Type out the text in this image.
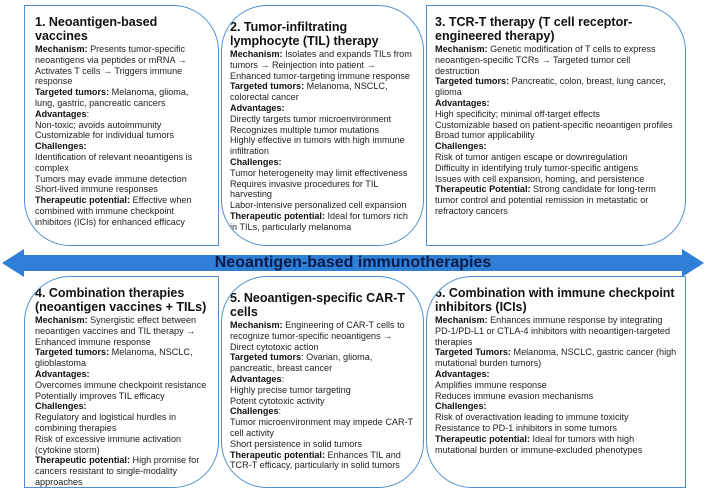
Neoantigen-based immunotherapies
1. Neoantigen-based vaccines
Mechanism: Presents tumor-specific neoantigens via peptides or mRNA → Activates T cells → Triggers immune response
Targeted tumors: Melanoma, glioma, lung, gastric, pancreatic cancers
Advantages:
Non-toxic; avoids autoimmunity
Customizable for individual tumors
Challenges:
Identification of relevant neoantigens is complex
Tumors may evade immune detection
Short-lived immune responses
Therapeutic potential: Effective when combined with immune checkpoint inhibitors (ICIs) for enhanced efficacy
2. Tumor-infiltrating lymphocyte (TIL) therapy
Mechanism: Isolates and expands TILs from tumors → Reinjection into patient → Enhanced tumor-targeting immune response
Targeted tumors: Melanoma, NSCLC, colorectal cancer
Advantages:
Directly targets tumor microenvironment
Recognizes multiple tumor mutations
Highly effective in tumors with high immune infiltration
Challenges:
Tumor heterogeneity may limit effectiveness
Requires invasive procedures for TIL harvesting
Labor-intensive personalized cell expansion
Therapeutic potential: Ideal for tumors rich in TILs, particularly melanoma
3. TCR-T therapy (T cell receptor-engineered therapy)
Mechanism: Genetic modification of T cells to express neoantigen-specific TCRs → Targeted tumor cell destruction
Targeted tumors: Pancreatic, colon, breast, lung cancer, glioma
Advantages:
High specificity; minimal off-target effects
Customizable based on patient-specific neoantigen profiles
Broad tumor applicability
Challenges:
Risk of tumor antigen escape or downregulation
Difficulty in identifying truly tumor-specific antigens
Issues with cell expansion, homing, and persistence
Therapeutic Potential: Strong candidate for long-term tumor control and potential remission in metastatic or refractory cancers
4. Combination therapies (neoantigen vaccines + TILs)
Mechanism: Synergistic effect between neoantigen vaccines and TIL therapy → Enhanced immune response
Targeted tumors: Melanoma, NSCLC, glioblastoma
Advantages:
Overcomes immune checkpoint resistance
Potentially improves TIL efficacy
Challenges:
Regulatory and logistical hurdles in combining therapies
Risk of excessive immune activation (cytokine storm)
Therapeutic potential: High promise for cancers resistant to single-modality approaches
5. Neoantigen-specific CAR-T cells
Mechanism: Engineering of CAR-T cells to recognize tumor-specific neoantigens → Direct cytotoxic action
Targeted tumors: Ovarian, glioma, pancreatic, breast cancer
Advantages:
Highly precise tumor targeting
Potent cytotoxic activity
Challenges:
Tumor microenvironment may impede CAR-T cell activity
Short persistence in solid tumors
Therapeutic potential: Enhances TIL and TCR-T efficacy, particularly in solid tumors
6. Combination with immune checkpoint inhibitors (ICIs)
Mechanism: Enhances immune response by integrating PD-1/PD-L1 or CTLA-4 inhibitors with neoantigen-targeted therapies
Targeted Tumors: Melanoma, NSCLC, gastric cancer (high mutational burden tumors)
Advantages:
Amplifies immune response
Reduces immune evasion mechanisms
Challenges:
Risk of overactivation leading to immune toxicity
Resistance to PD-1 inhibitors in some tumors
Therapeutic potential: Ideal for tumors with high mutational burden or immune-excluded phenotypes
